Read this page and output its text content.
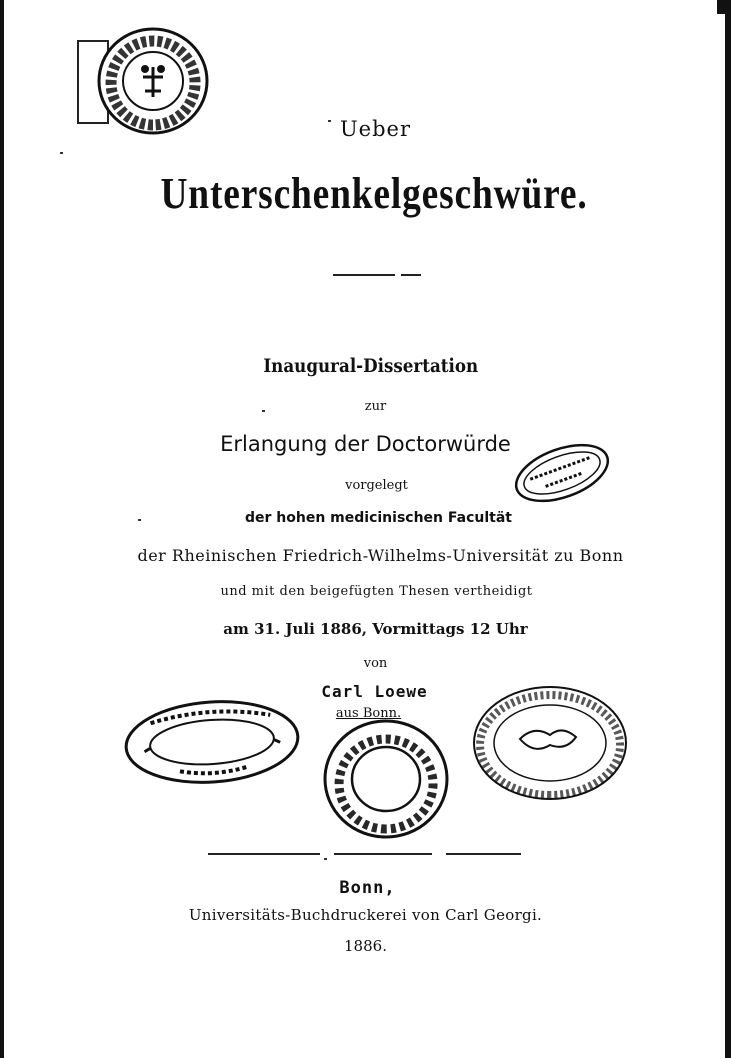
Ueber
Unterschenkelgeschwüre.
Inaugural-Dissertation
zur
Erlangung der Doctorwürde
vorgelegt
der hohen medicinischen Facultät
der Rheinischen Friedrich-Wilhelms-Universität zu Bonn
und mit den beigefügten Thesen vertheidigt
am 31. Juli 1886, Vormittags 12 Uhr
von
Carl Loewe
aus Bonn.
Bonn,
Universitäts-Buchdruckerei von Carl Georgi.
1886.
